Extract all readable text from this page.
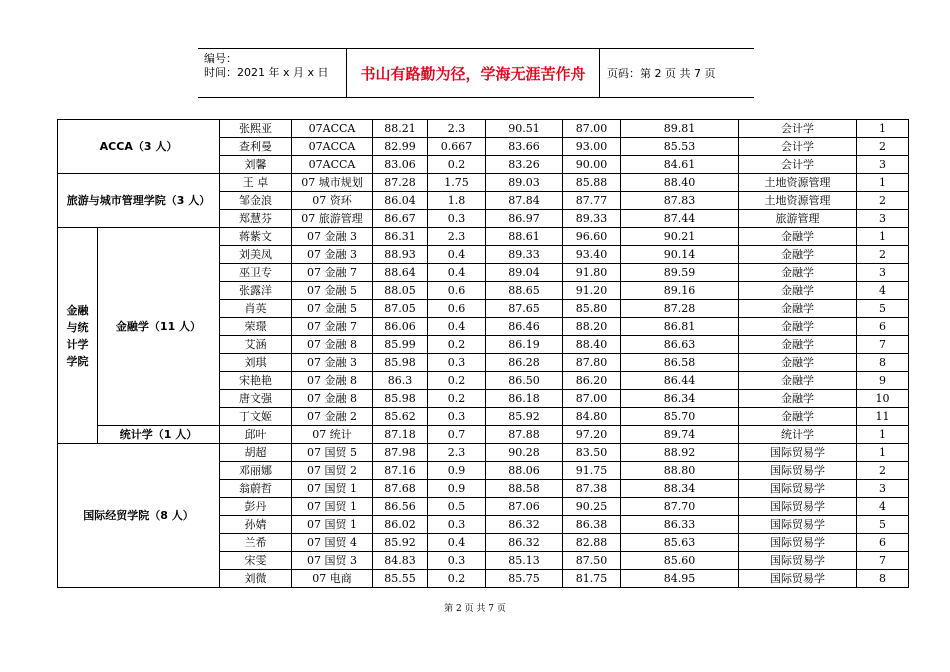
编号：
时间：2021 年 x 月 x 日	书山有路勤为径，学海无涯苦作舟	页码：第 2 页 共 7 页
ACCA（3 人）		张熙亚	07ACCA	88.21	2.3	90.51	87.00	89.81	会计学	1
		查利曼	07ACCA	82.99	0.667	83.66	93.00	85.53	会计学	2
		刘馨	07ACCA	83.06	0.2	83.26	90.00	84.61	会计学	3
旅游与城市管理学院（3 人）		王 卓	07 城市规划	87.28	1.75	89.03	85.88	88.40	土地资源管理	1
		邹金浪	07 资环	86.04	1.8	87.84	87.77	87.83	土地资源管理	2
		郑慧芬	07 旅游管理	86.67	0.3	86.97	89.33	87.44	旅游管理	3
金融与统计学学院	金融学（11 人）	蒋紫文	07 金融 3	86.31	2.3	88.61	96.60	90.21	金融学	1
		刘美凤	07 金融 3	88.93	0.4	89.33	93.40	90.14	金融学	2
		巫卫专	07 金融 7	88.64	0.4	89.04	91.80	89.59	金融学	3
		张露洋	07 金融 5	88.05	0.6	88.65	91.20	89.16	金融学	4
		肖英	07 金融 5	87.05	0.6	87.65	85.80	87.28	金融学	5
		荣璟	07 金融 7	86.06	0.4	86.46	88.20	86.81	金融学	6
		艾涵	07 金融 8	85.99	0.2	86.19	88.40	86.63	金融学	7
		刘琪	07 金融 3	85.98	0.3	86.28	87.80	86.58	金融学	8
		宋艳艳	07 金融 8	86.3	0.2	86.50	86.20	86.44	金融学	9
		唐文强	07 金融 8	85.98	0.2	86.18	87.00	86.34	金融学	10
		丁文姬	07 金融 2	85.62	0.3	85.92	84.80	85.70	金融学	11
	统计学（1 人）	邱叶	07 统计	87.18	0.7	87.88	97.20	89.74	统计学	1
国际经贸学院（8 人）		胡超	07 国贸 5	87.98	2.3	90.28	83.50	88.92	国际贸易学	1
		邓丽娜	07 国贸 2	87.16	0.9	88.06	91.75	88.80	国际贸易学	2
		翁蔚哲	07 国贸 1	87.68	0.9	88.58	87.38	88.34	国际贸易学	3
		彭丹	07 国贸 1	86.56	0.5	87.06	90.25	87.70	国际贸易学	4
		孙婧	07 国贸 1	86.02	0.3	86.32	86.38	86.33	国际贸易学	5
		兰希	07 国贸 4	85.92	0.4	86.32	82.88	85.63	国际贸易学	6
		宋雯	07 国贸 3	84.83	0.3	85.13	87.50	85.60	国际贸易学	7
		刘微	07 电商	85.55	0.2	85.75	81.75	84.95	国际贸易学	8
第 2 页 共 7 页
